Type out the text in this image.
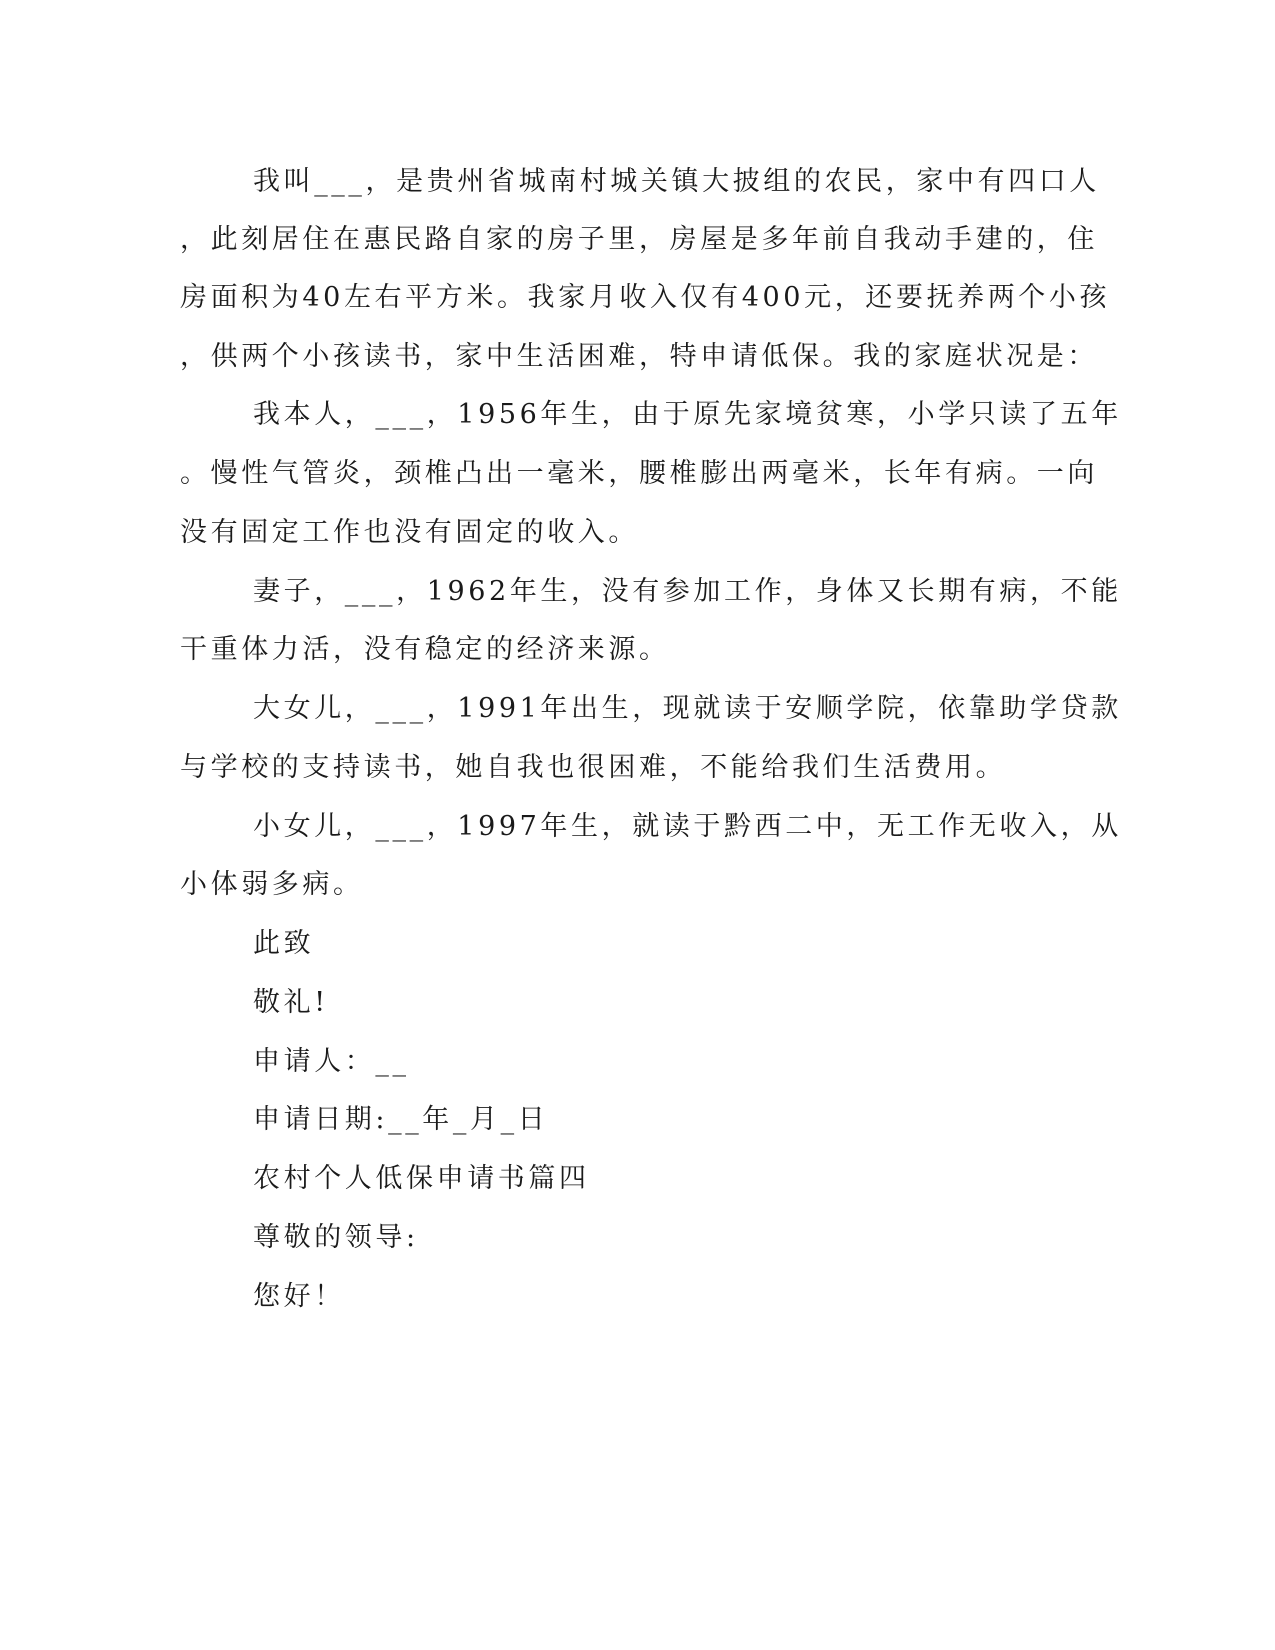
我叫___，是贵州省城南村城关镇大披组的农民，家中有四口人
，此刻居住在惠民路自家的房子里，房屋是多年前自我动手建的，住
房面积为40左右平方米。我家月收入仅有400元，还要抚养两个小孩
，供两个小孩读书，家中生活困难，特申请低保。我的家庭状况是：
我本人，___，1956年生，由于原先家境贫寒，小学只读了五年
。慢性气管炎，颈椎凸出一毫米，腰椎膨出两毫米，长年有病。一向
没有固定工作也没有固定的收入。
妻子，___，1962年生，没有参加工作，身体又长期有病，不能
干重体力活，没有稳定的经济来源。
大女儿，___，1991年出生，现就读于安顺学院，依靠助学贷款
与学校的支持读书，她自我也很困难，不能给我们生活费用。
小女儿，___，1997年生，就读于黔西二中，无工作无收入，从
小体弱多病。
此致
敬礼!
申请人：__
申请日期:__年_月_日
农村个人低保申请书篇四
尊敬的领导:
您好！
